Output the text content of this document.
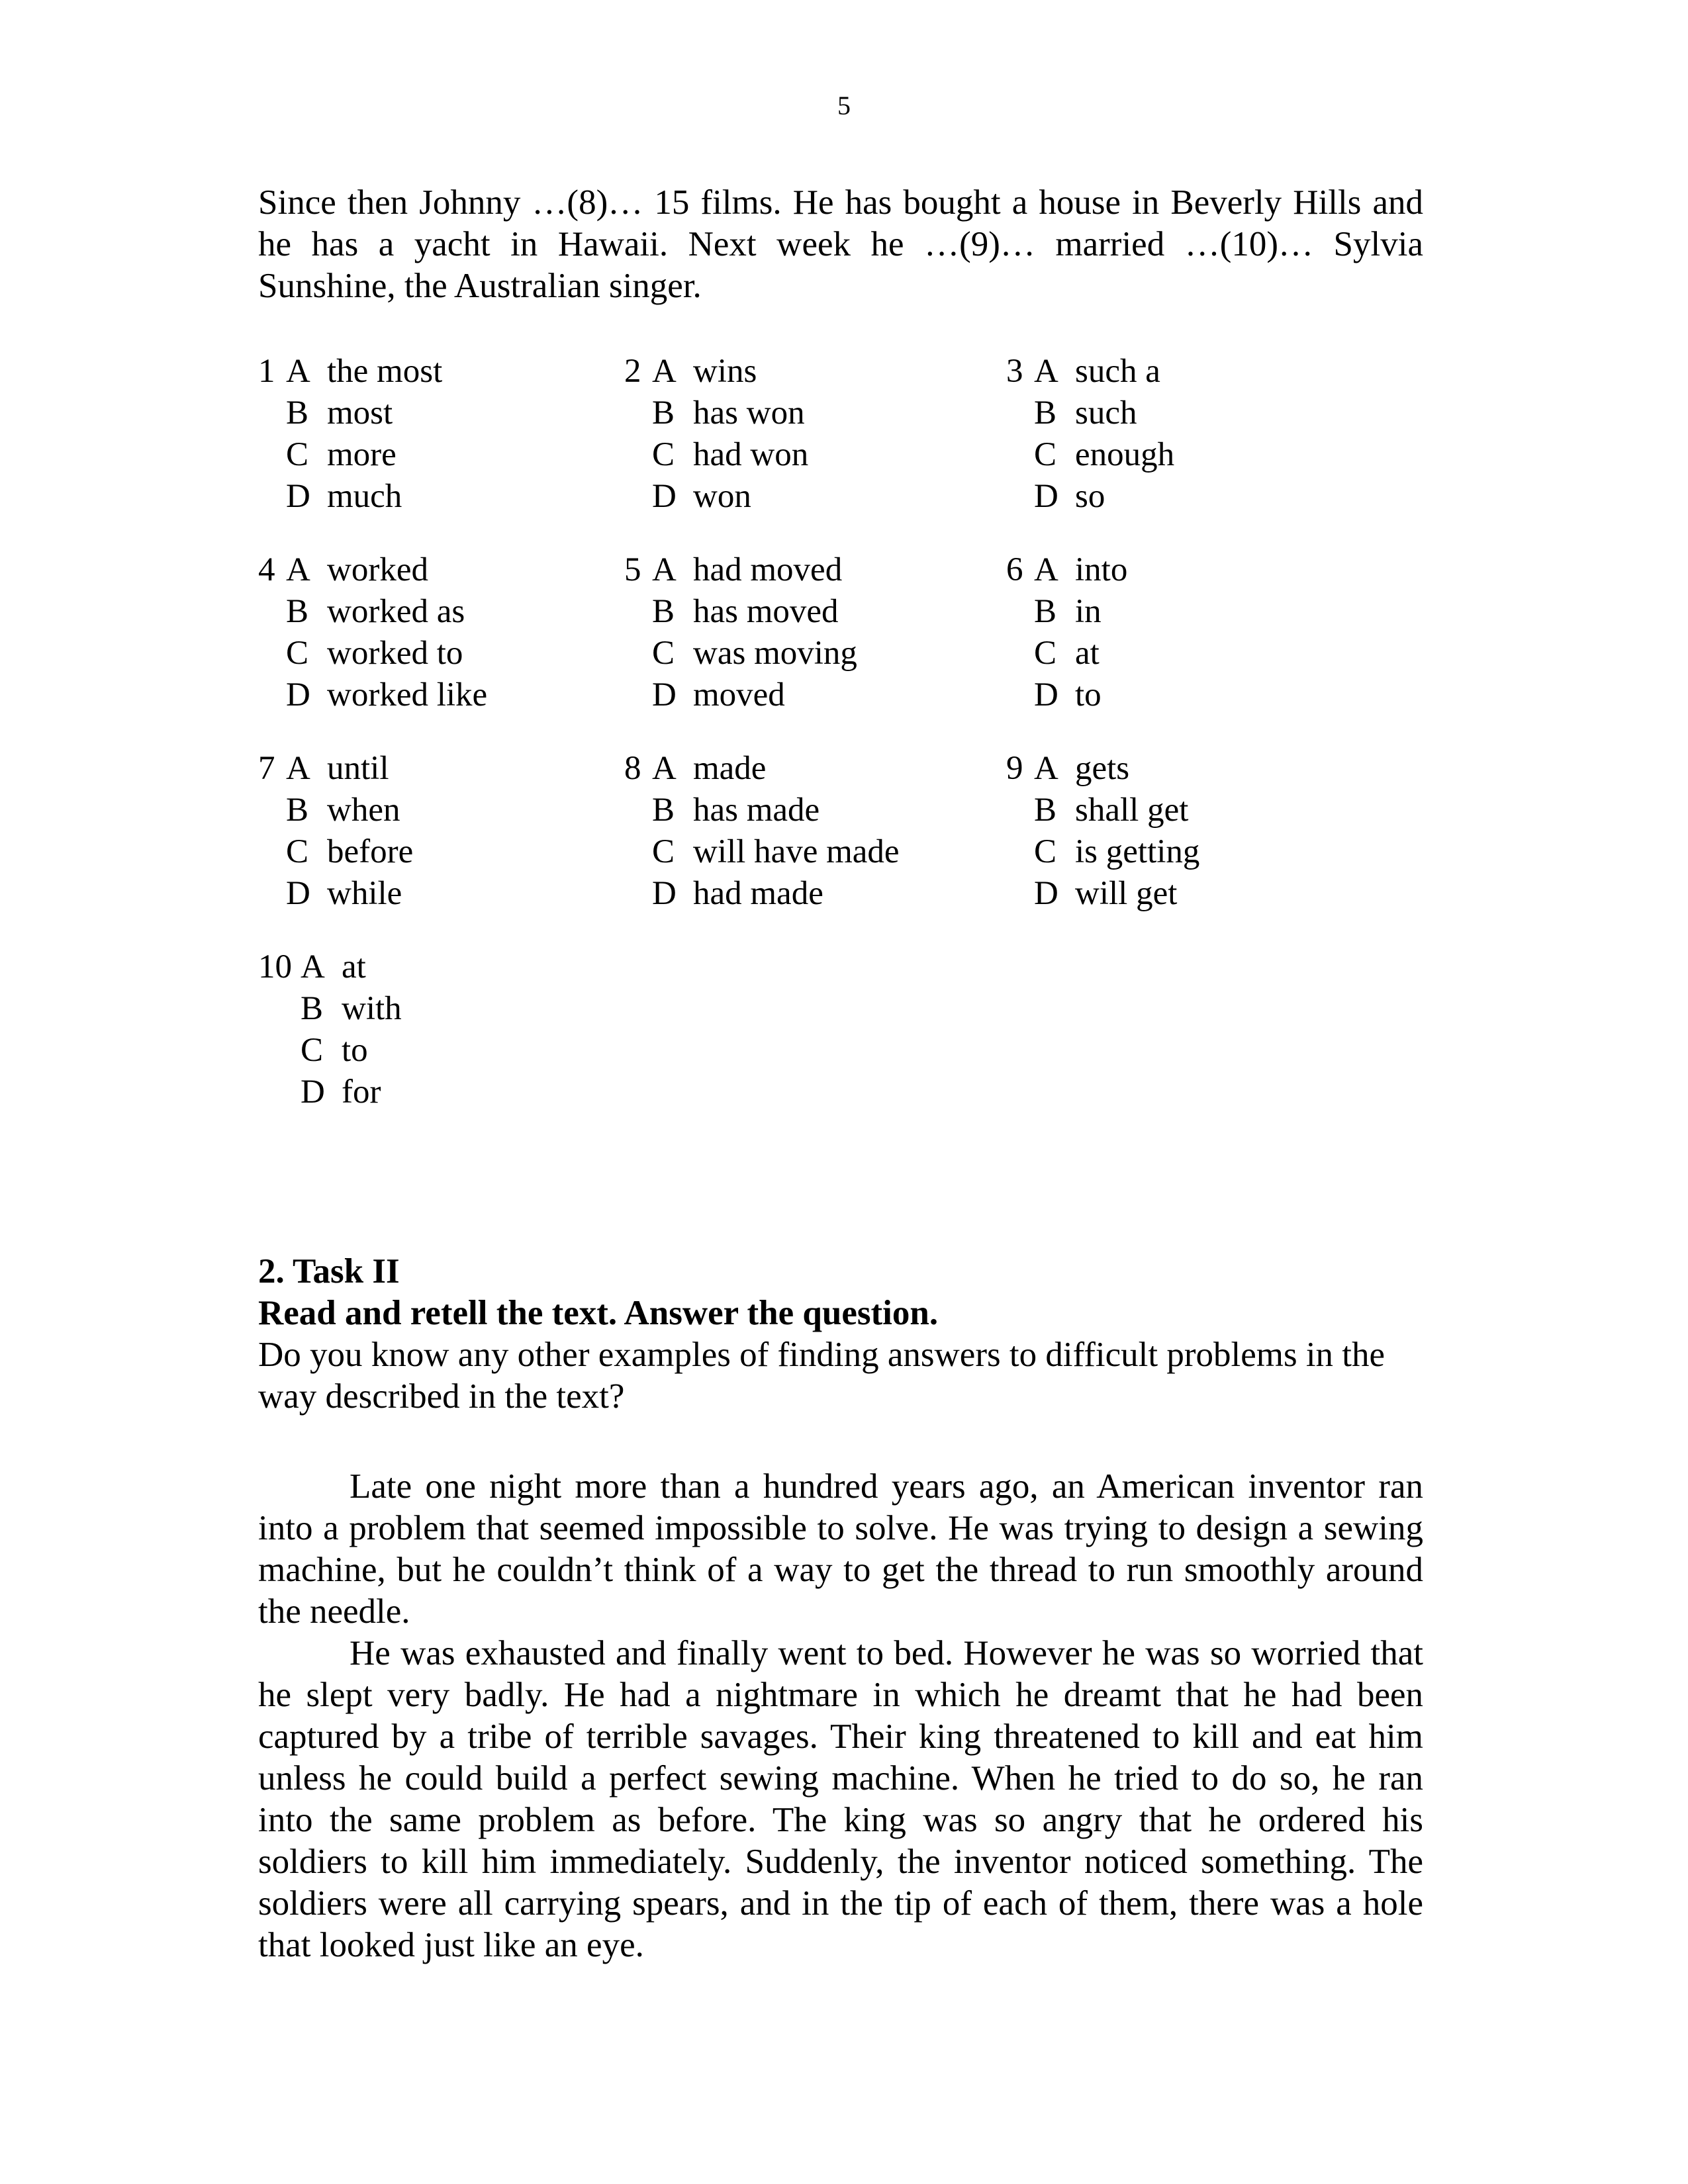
5

Since then Johnny …(8)… 15 films. He has bought a house in Beverly Hills and he has a yacht in Hawaii. Next week he …(9)… married …(10)… Sylvia Sunshine, the Australian singer.

1 A the most
B most
C more
D much
2 A wins
B has won
C had won
D won
3 A such a
B such
C enough
D so
4 A worked
B worked as
C worked to
D worked like
5 A had moved
B has moved
C was moving
D moved
6 A into
B in
C at
D to
7 A until
B when
C before
D while
8 A made
B has made
C will have made
D had made
9 A gets
B shall get
C is getting
D will get
10 A at
B with
C to
D for

2. Task II

Read and retell the text. Answer the question.

Do you know any other examples of finding answers to difficult problems in the way described in the text?

Late one night more than a hundred years ago, an American inventor ran into a problem that seemed impossible to solve. He was trying to design a sewing machine, but he couldn’t think of a way to get the thread to run smoothly around the needle.

He was exhausted and finally went to bed. However he was so worried that he slept very badly. He had a nightmare in which he dreamt that he had been captured by a tribe of terrible savages. Their king threatened to kill and eat him unless he could build a perfect sewing machine. When he tried to do so, he ran into the same problem as before. The king was so angry that he ordered his soldiers to kill him immediately. Suddenly, the inventor noticed something. The soldiers were all carrying spears, and in the tip of each of them, there was a hole that looked just like an eye.
